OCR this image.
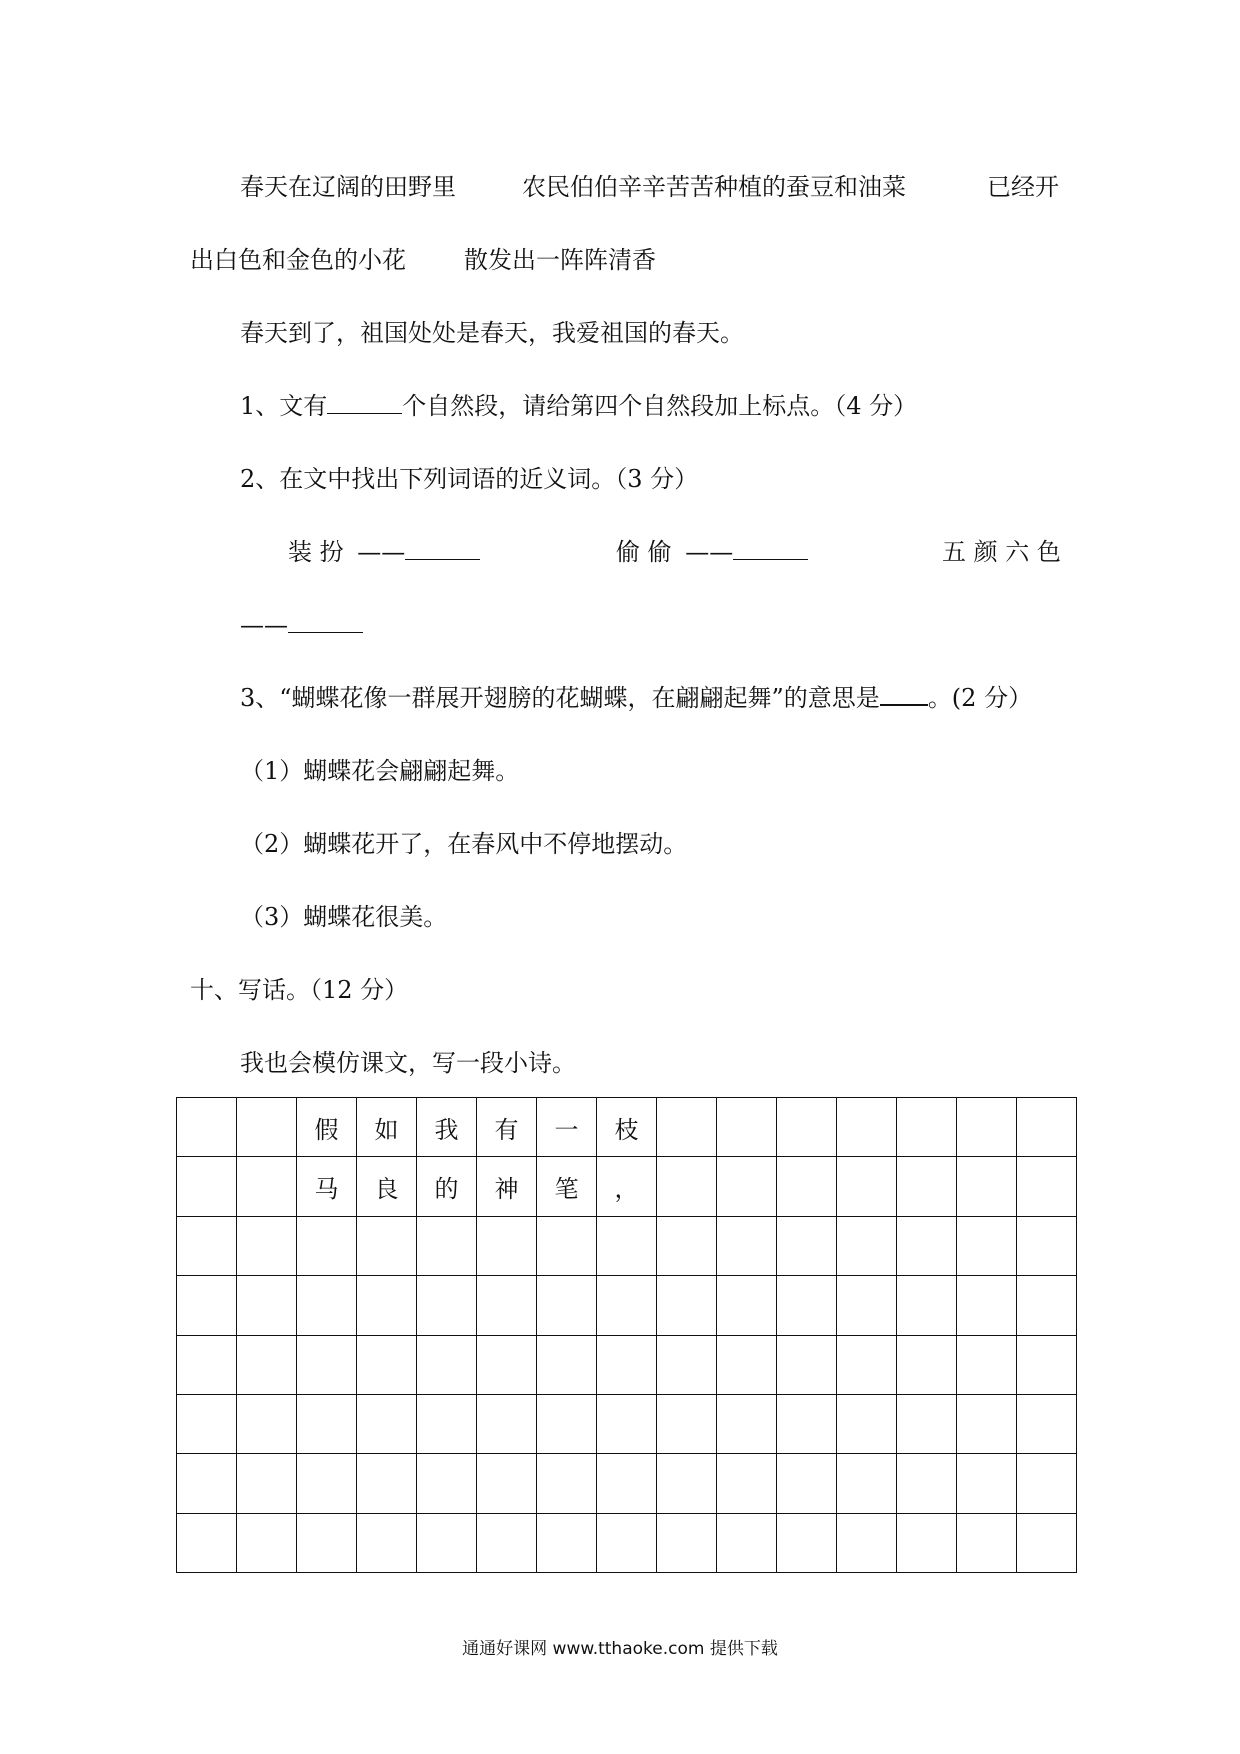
春天在辽阔的田野里	农民伯伯辛辛苦苦种植的蚕豆和油菜	已经开
出白色和金色的小花 散发出一阵阵清香
春天到了，祖国处处是春天，我爱祖国的春天。
1、文有	个自然段，请给第四个自然段加上标点。（4 分）
2、在文中找出下列词语的近义词。（3 分）
装 扮 ——	偷 偷 ——	五 颜 六 色
——
3、“蝴蝶花像一群展开翅膀的花蝴蝶，在翩翩起舞”的意思是 。(2 分）
（1）蝴蝶花会翩翩起舞。
（2）蝴蝶花开了，在春风中不停地摆动。
（3）蝴蝶花很美。
十、写话。（12 分）
我也会模仿课文，写一段小诗。
		假	如	我	有	一	枝							
		马	良	的	神	笔	，							

通通好课网 www.tthaoke.com 提供下载
